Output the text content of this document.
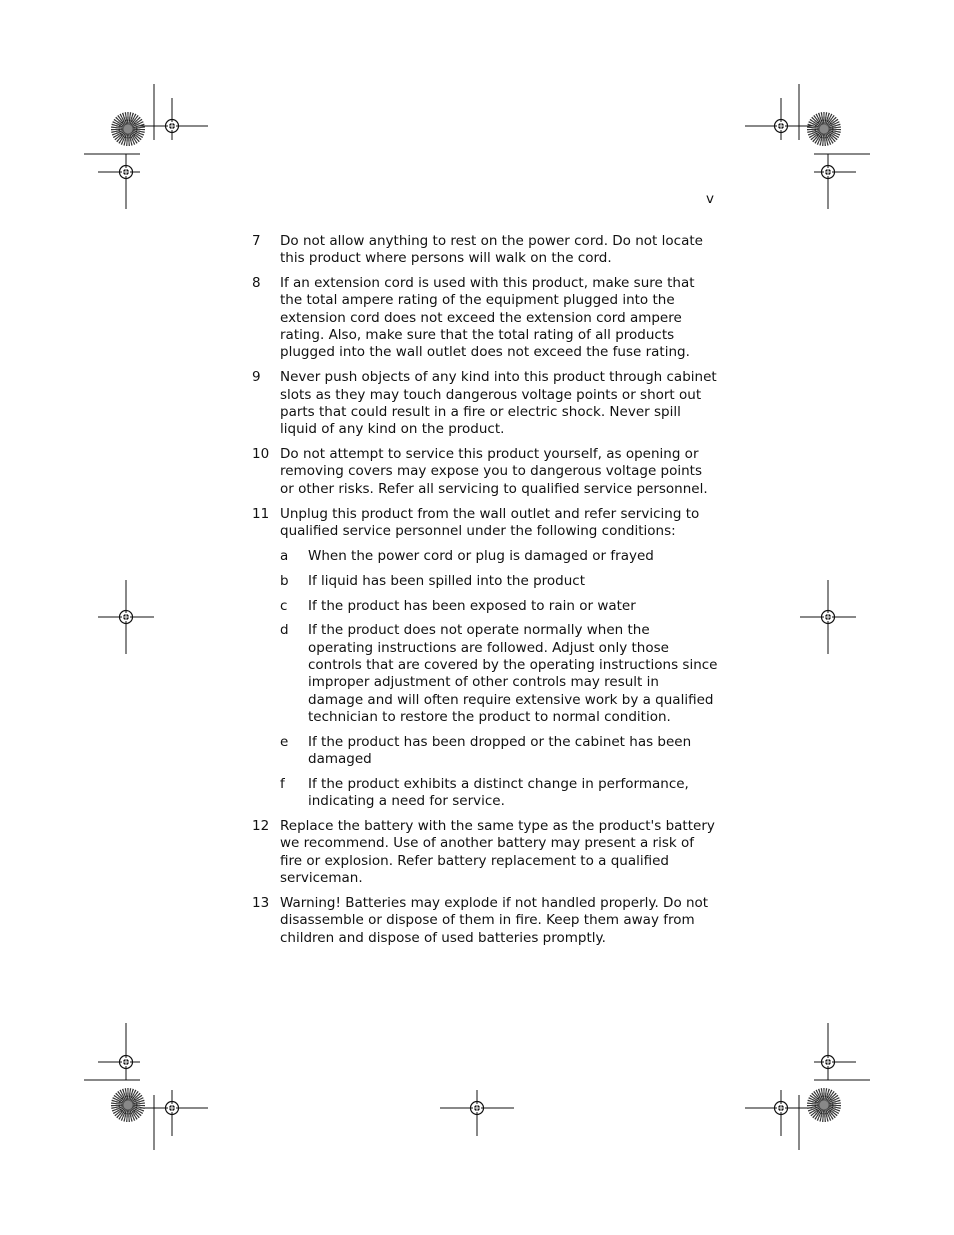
v
7	Do not allow anything to rest on the power cord. Do not locate this product where persons will walk on the cord.
8	If an extension cord is used with this product, make sure that the total ampere rating of the equipment plugged into the extension cord does not exceed the extension cord ampere rating. Also, make sure that the total rating of all products plugged into the wall outlet does not exceed the fuse rating.
9	Never push objects of any kind into this product through cabinet slots as they may touch dangerous voltage points or short out parts that could result in a fire or electric shock. Never spill liquid of any kind on the product.
10 Do not attempt to service this product yourself, as opening or removing covers may expose you to dangerous voltage points or other risks. Refer all servicing to qualified service personnel.
11 Unplug this product from the wall outlet and refer servicing to qualified service personnel under the following conditions:
a	When the power cord or plug is damaged or frayed
b	If liquid has been spilled into the product
c	If the product has been exposed to rain or water
d	If the product does not operate normally when the operating instructions are followed. Adjust only those controls that are covered by the operating instructions since improper adjustment of other controls may result in damage and will often require extensive work by a qualified technician to restore the product to normal condition.
e	If the product has been dropped or the cabinet has been damaged
f	If the product exhibits a distinct change in performance, indicating a need for service.
12 Replace the battery with the same type as the product's battery we recommend. Use of another battery may present a risk of fire or explosion. Refer battery replacement to a qualified serviceman.
13 Warning! Batteries may explode if not handled properly. Do not disassemble or dispose of them in fire. Keep them away from children and dispose of used batteries promptly.
